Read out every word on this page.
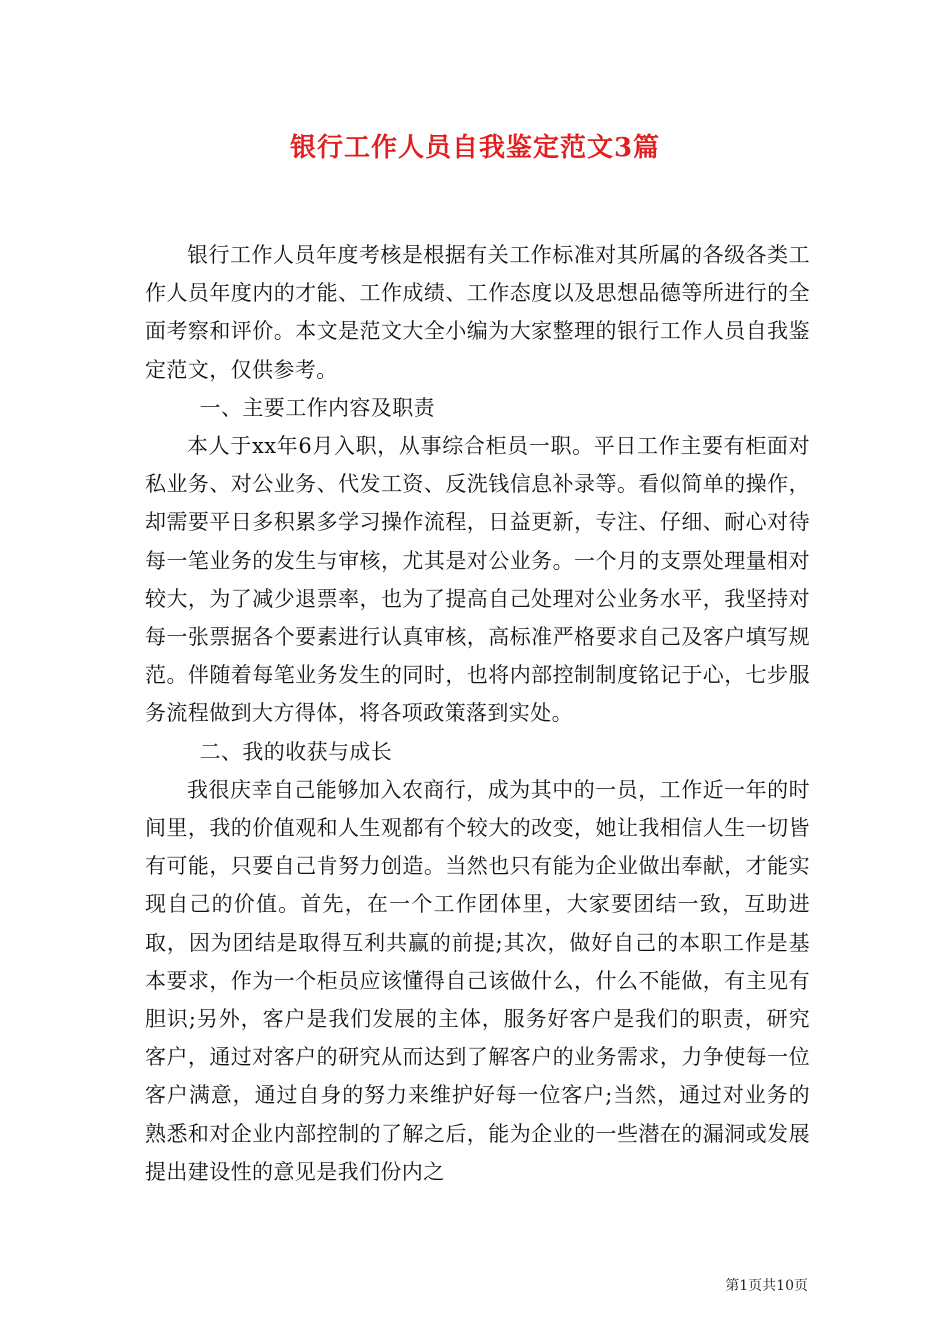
银行工作人员自我鉴定范文3篇

银行工作人员年度考核是根据有关工作标准对其所属的各级各类工作人员年度内的才能、工作成绩、工作态度以及思想品德等所进行的全面考察和评价。本文是范文大全小编为大家整理的银行工作人员自我鉴定范文，仅供参考。

一、主要工作内容及职责

本人于xx年6月入职，从事综合柜员一职。平日工作主要有柜面对私业务、对公业务、代发工资、反洗钱信息补录等。看似简单的操作，却需要平日多积累多学习操作流程，日益更新，专注、仔细、耐心对待每一笔业务的发生与审核，尤其是对公业务。一个月的支票处理量相对较大，为了减少退票率，也为了提高自己处理对公业务水平，我坚持对每一张票据各个要素进行认真审核，高标准严格要求自己及客户填写规范。伴随着每笔业务发生的同时，也将内部控制制度铭记于心，七步服务流程做到大方得体，将各项政策落到实处。

二、我的收获与成长

我很庆幸自己能够加入农商行，成为其中的一员，工作近一年的时间里，我的价值观和人生观都有个较大的改变，她让我相信人生一切皆有可能，只要自己肯努力创造。当然也只有能为企业做出奉献，才能实现自己的价值。首先，在一个工作团体里，大家要团结一致，互助进取，因为团结是取得互利共赢的前提;其次，做好自己的本职工作是基本要求，作为一个柜员应该懂得自己该做什么，什么不能做，有主见有胆识;另外，客户是我们发展的主体，服务好客户是我们的职责，研究客户，通过对客户的研究从而达到了解客户的业务需求，力争使每一位客户满意，通过自身的努力来维护好每一位客户;当然，通过对业务的熟悉和对企业内部控制的了解之后，能为企业的一些潜在的漏洞或发展提出建设性的意见是我们份内之

第1页共10页
